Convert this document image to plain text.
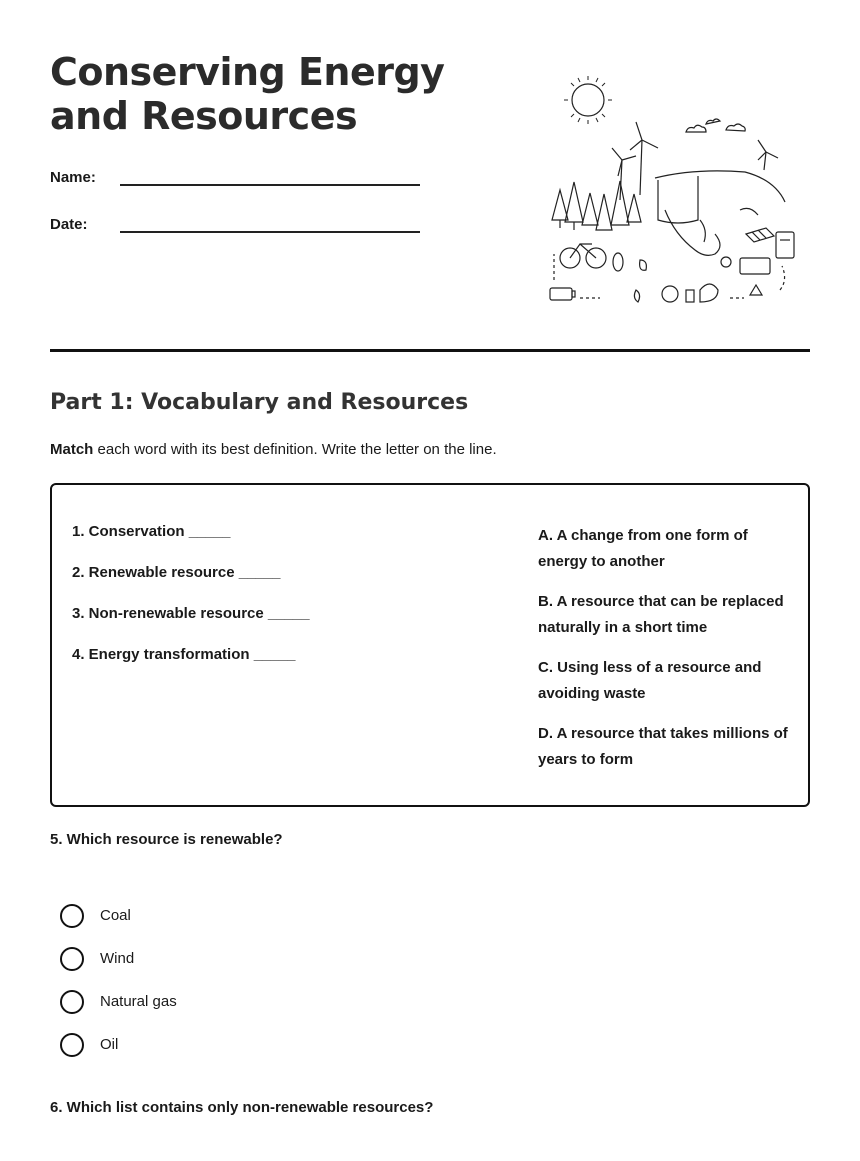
Conserving Energy and Resources
Name:
Date:
Part 1: Vocabulary and Resources
Match each word with its best definition. Write the letter on the line.
1. Conservation _____
2. Renewable resource _____
3. Non-renewable resource _____
4. Energy transformation _____
A. A change from one form of energy to another
B. A resource that can be replaced naturally in a short time
C. Using less of a resource and avoiding waste
D. A resource that takes millions of years to form
5. Which resource is renewable?
Coal
Wind
Natural gas
Oil
6. Which list contains only non-renewable resources?
